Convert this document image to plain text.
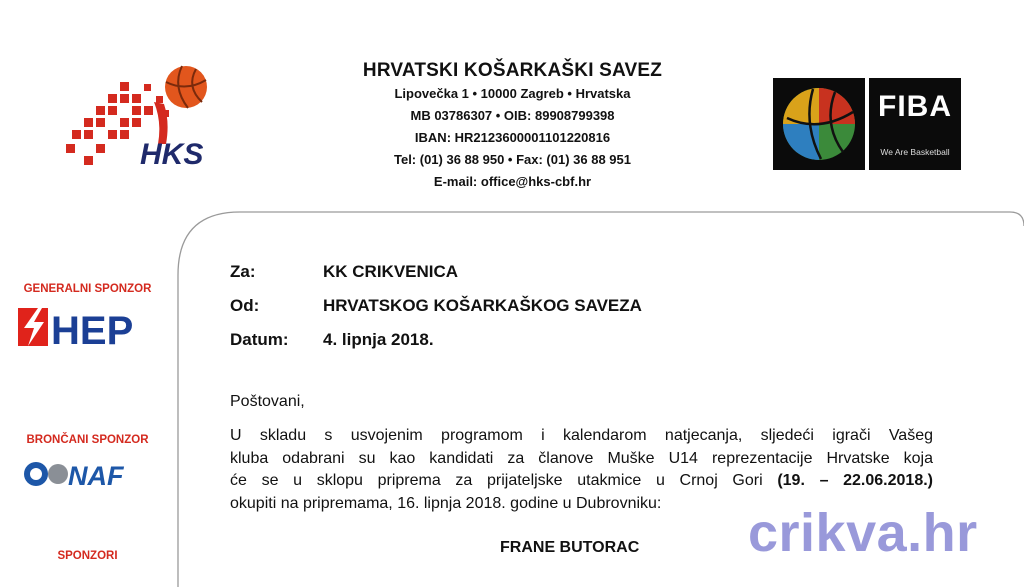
HKS
HRVATSKI KOŠARKAŠKI SAVEZ
Lipovečka 1 • 10000 Zagreb • Hrvatska
MB 03786307 • OIB: 89908799398
IBAN: HR2123600001101220816
Tel: (01) 36 88 950 • Fax: (01) 36 88 951
E-mail: office@hks-cbf.hr
FIBA
We Are Basketball
GENERALNI SPONZOR
HEP
BRONČANI SPONZOR
NAF
SPONZORI
Za:	KK CRIKVENICA
Od:	HRVATSKOG KOŠARKAŠKOG SAVEZA
Datum: 4. lipnja 2018.
Poštovani,
U skladu s usvojenim programom i kalendarom natjecanja, sljedeći igrači Vašeg
kluba odabrani su kao kandidati za članove Muške U14 reprezentacije Hrvatske koja
će se u sklopu priprema za prijateljske utakmice u Crnoj Gori (19. – 22.06.2018.)
okupiti na pripremama, 16. lipnja 2018. godine u Dubrovniku:
FRANE BUTORAC crikva.hr
